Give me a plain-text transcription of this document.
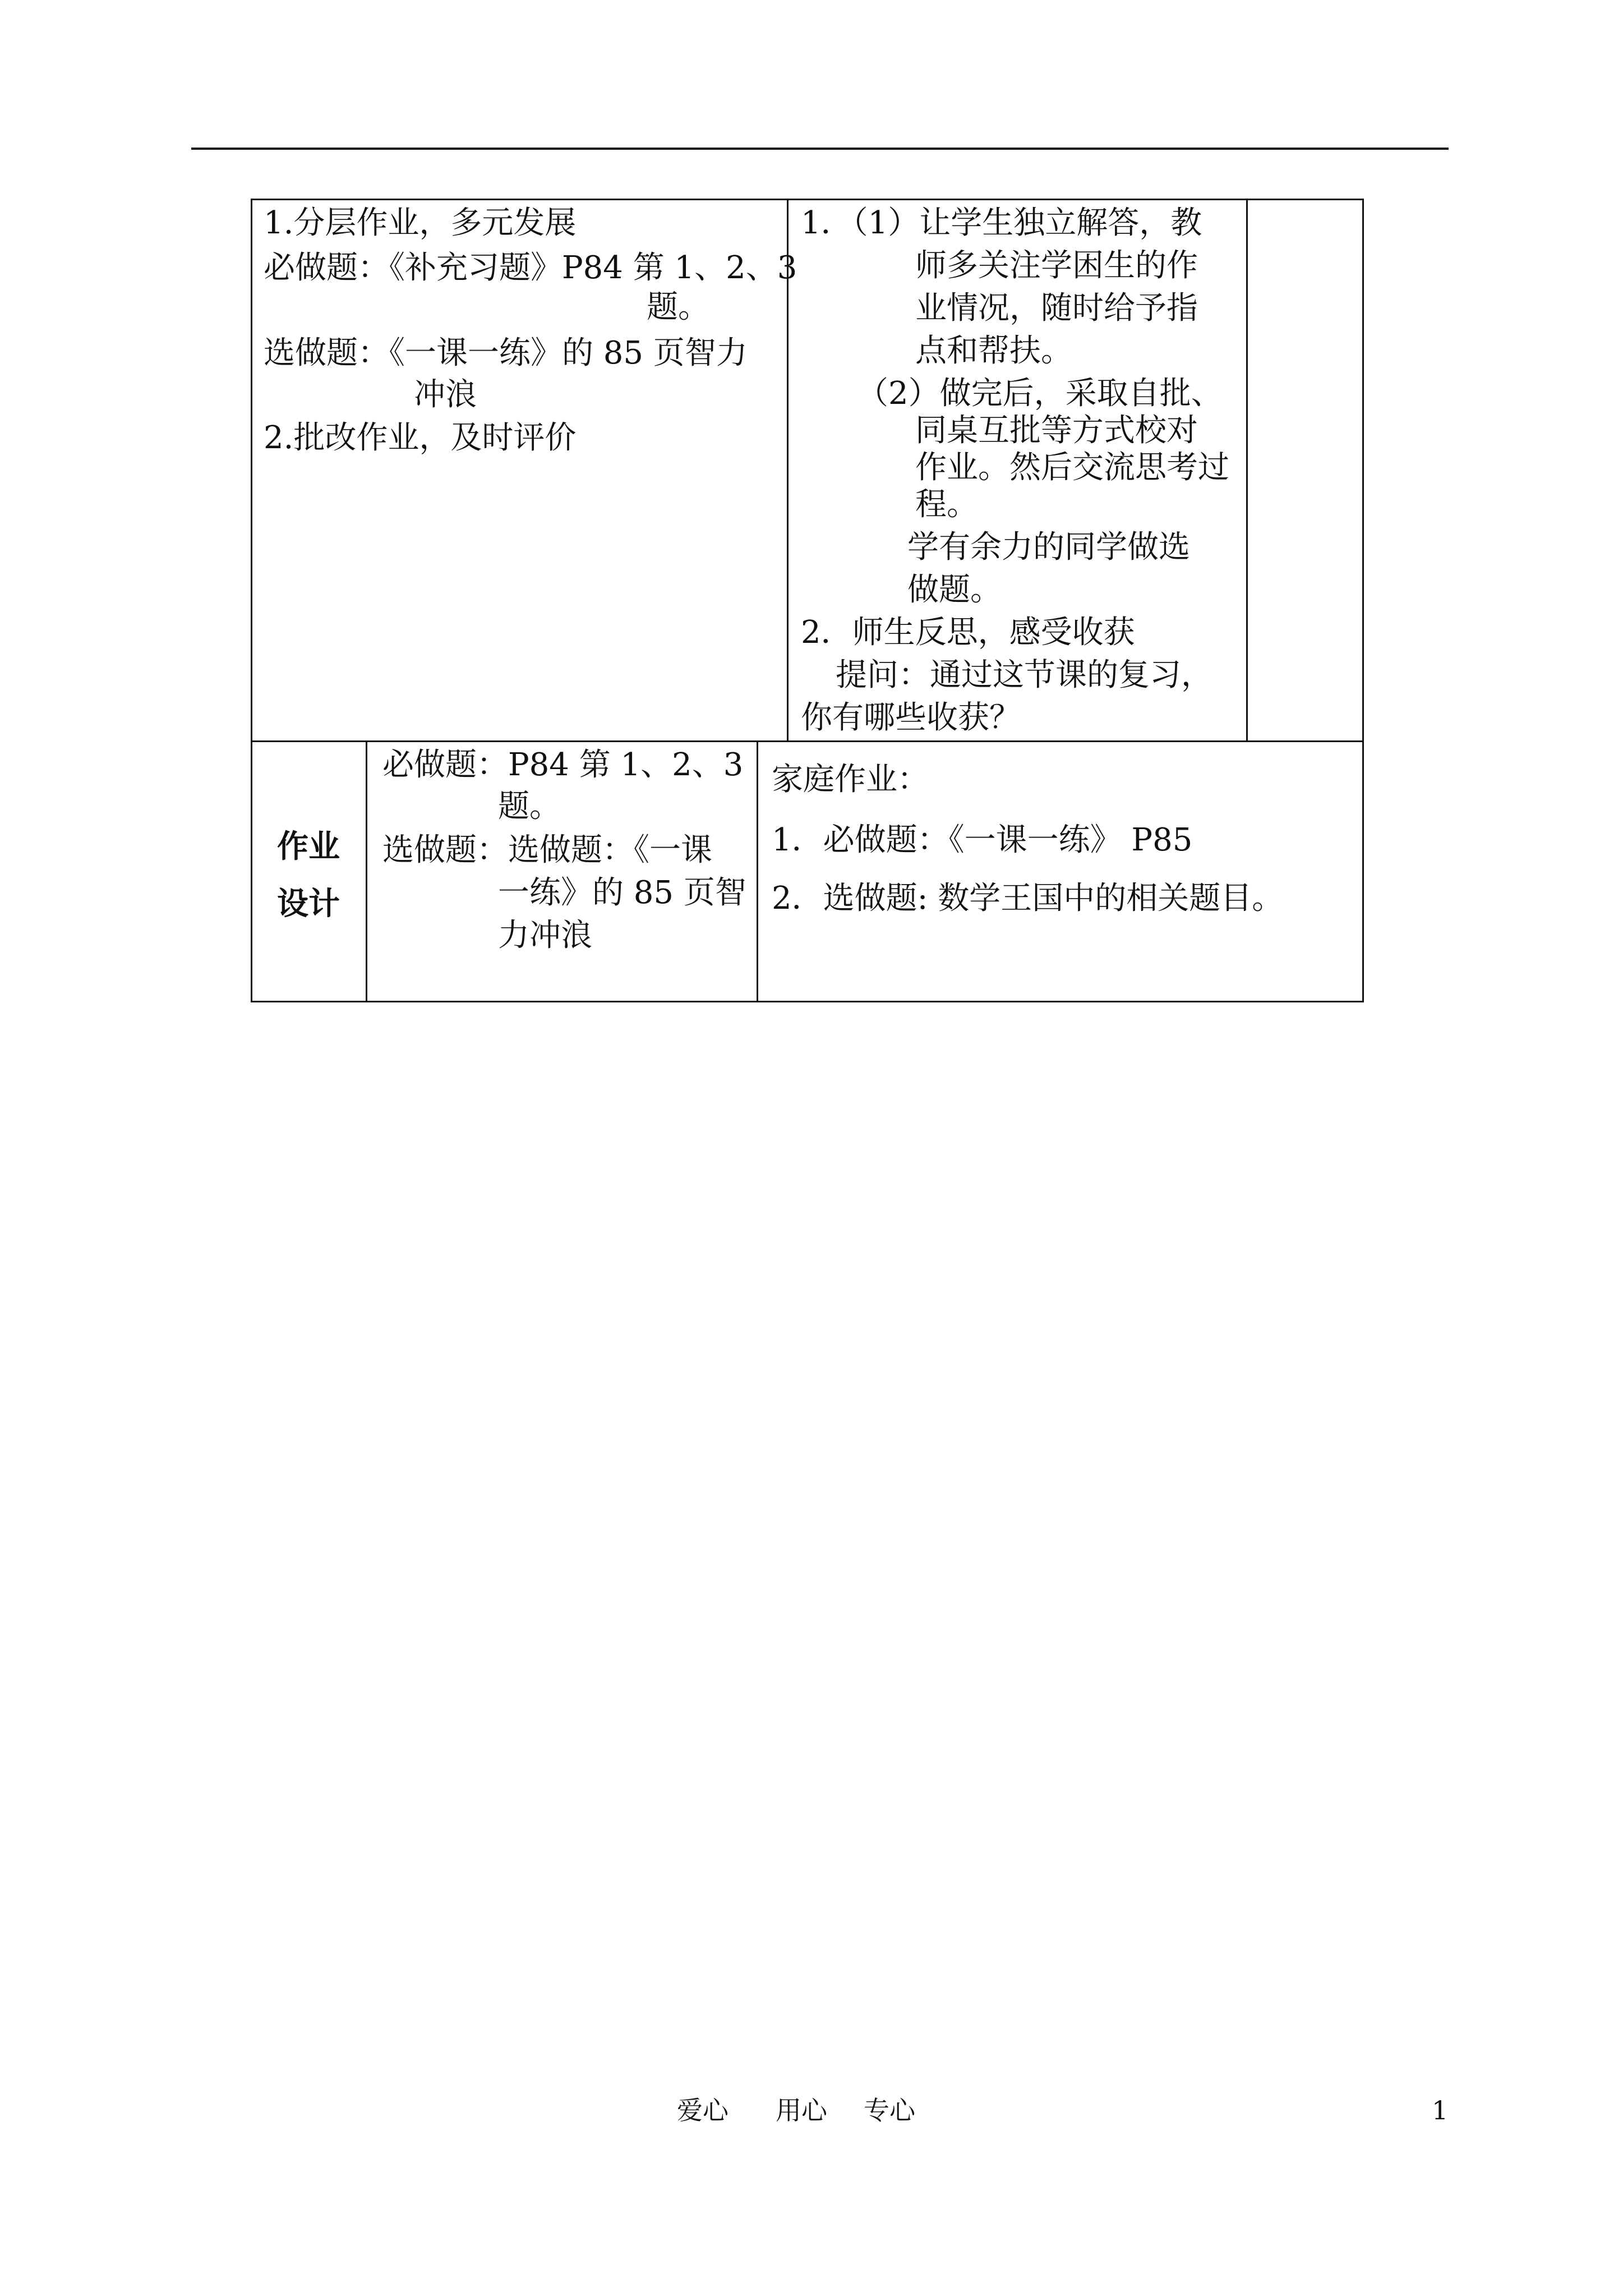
1.分层作业，多元发展

必做题：《补充习题》P84 第 1、2、3

题。

选做题：《一课一练》的 85 页智力

冲浪

2.批改作业，及时评价

1．（1）让学生独立解答，教

师多关注学困生的作

业情况，随时给予指

点和帮扶。

（2）做完后，采取自批、

同桌互批等方式校对

作业。然后交流思考过

程。

学有余力的同学做选

做题。

2．师生反思，感受收获

提问：通过这节课的复习，

你有哪些收获？

作业

设计

必做题：P84 第 1、2、3

题。

选做题：选做题：《一课

一练》的 85 页智

力冲浪

家庭作业：

1．必做题：《一课一练》 P85

2．选做题: 数学王国中的相关题目。

爱心 用心 专心	1
